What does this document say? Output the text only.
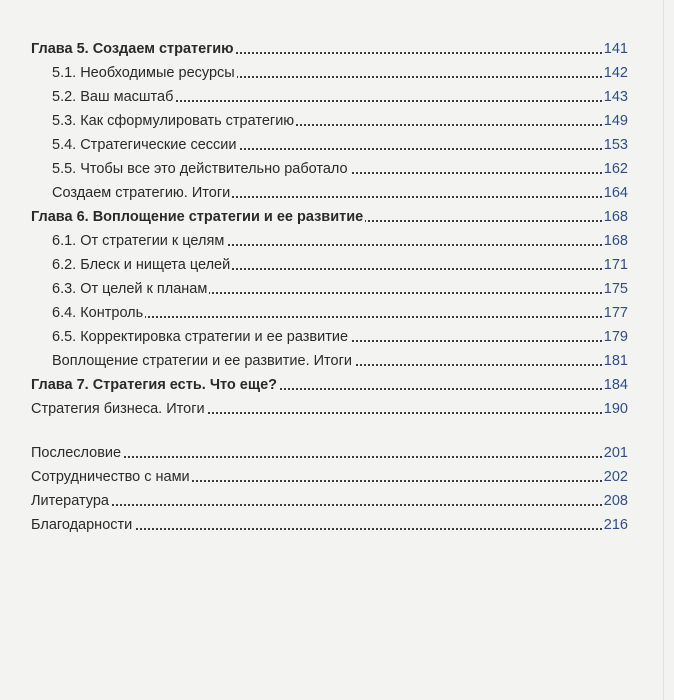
Глава 5. Создаем стратегию	141
5.1. Необходимые ресурсы	142
5.2. Ваш масштаб	143
5.3. Как сформулировать стратегию	149
5.4. Стратегические сессии	153
5.5. Чтобы все это действительно работало	162
Создаем стратегию. Итоги	164
Глава 6. Воплощение стратегии и ее развитие	168
6.1. От стратегии к целям	168
6.2. Блеск и нищета целей	171
6.3. От целей к планам	175
6.4. Контроль	177
6.5. Корректировка стратегии и ее развитие	179
Воплощение стратегии и ее развитие. Итоги	181
Глава 7. Стратегия есть. Что еще?	184
Стратегия бизнеса. Итоги	190
Послесловие	201
Сотрудничество с нами	202
Литература	208
Благодарности	216
